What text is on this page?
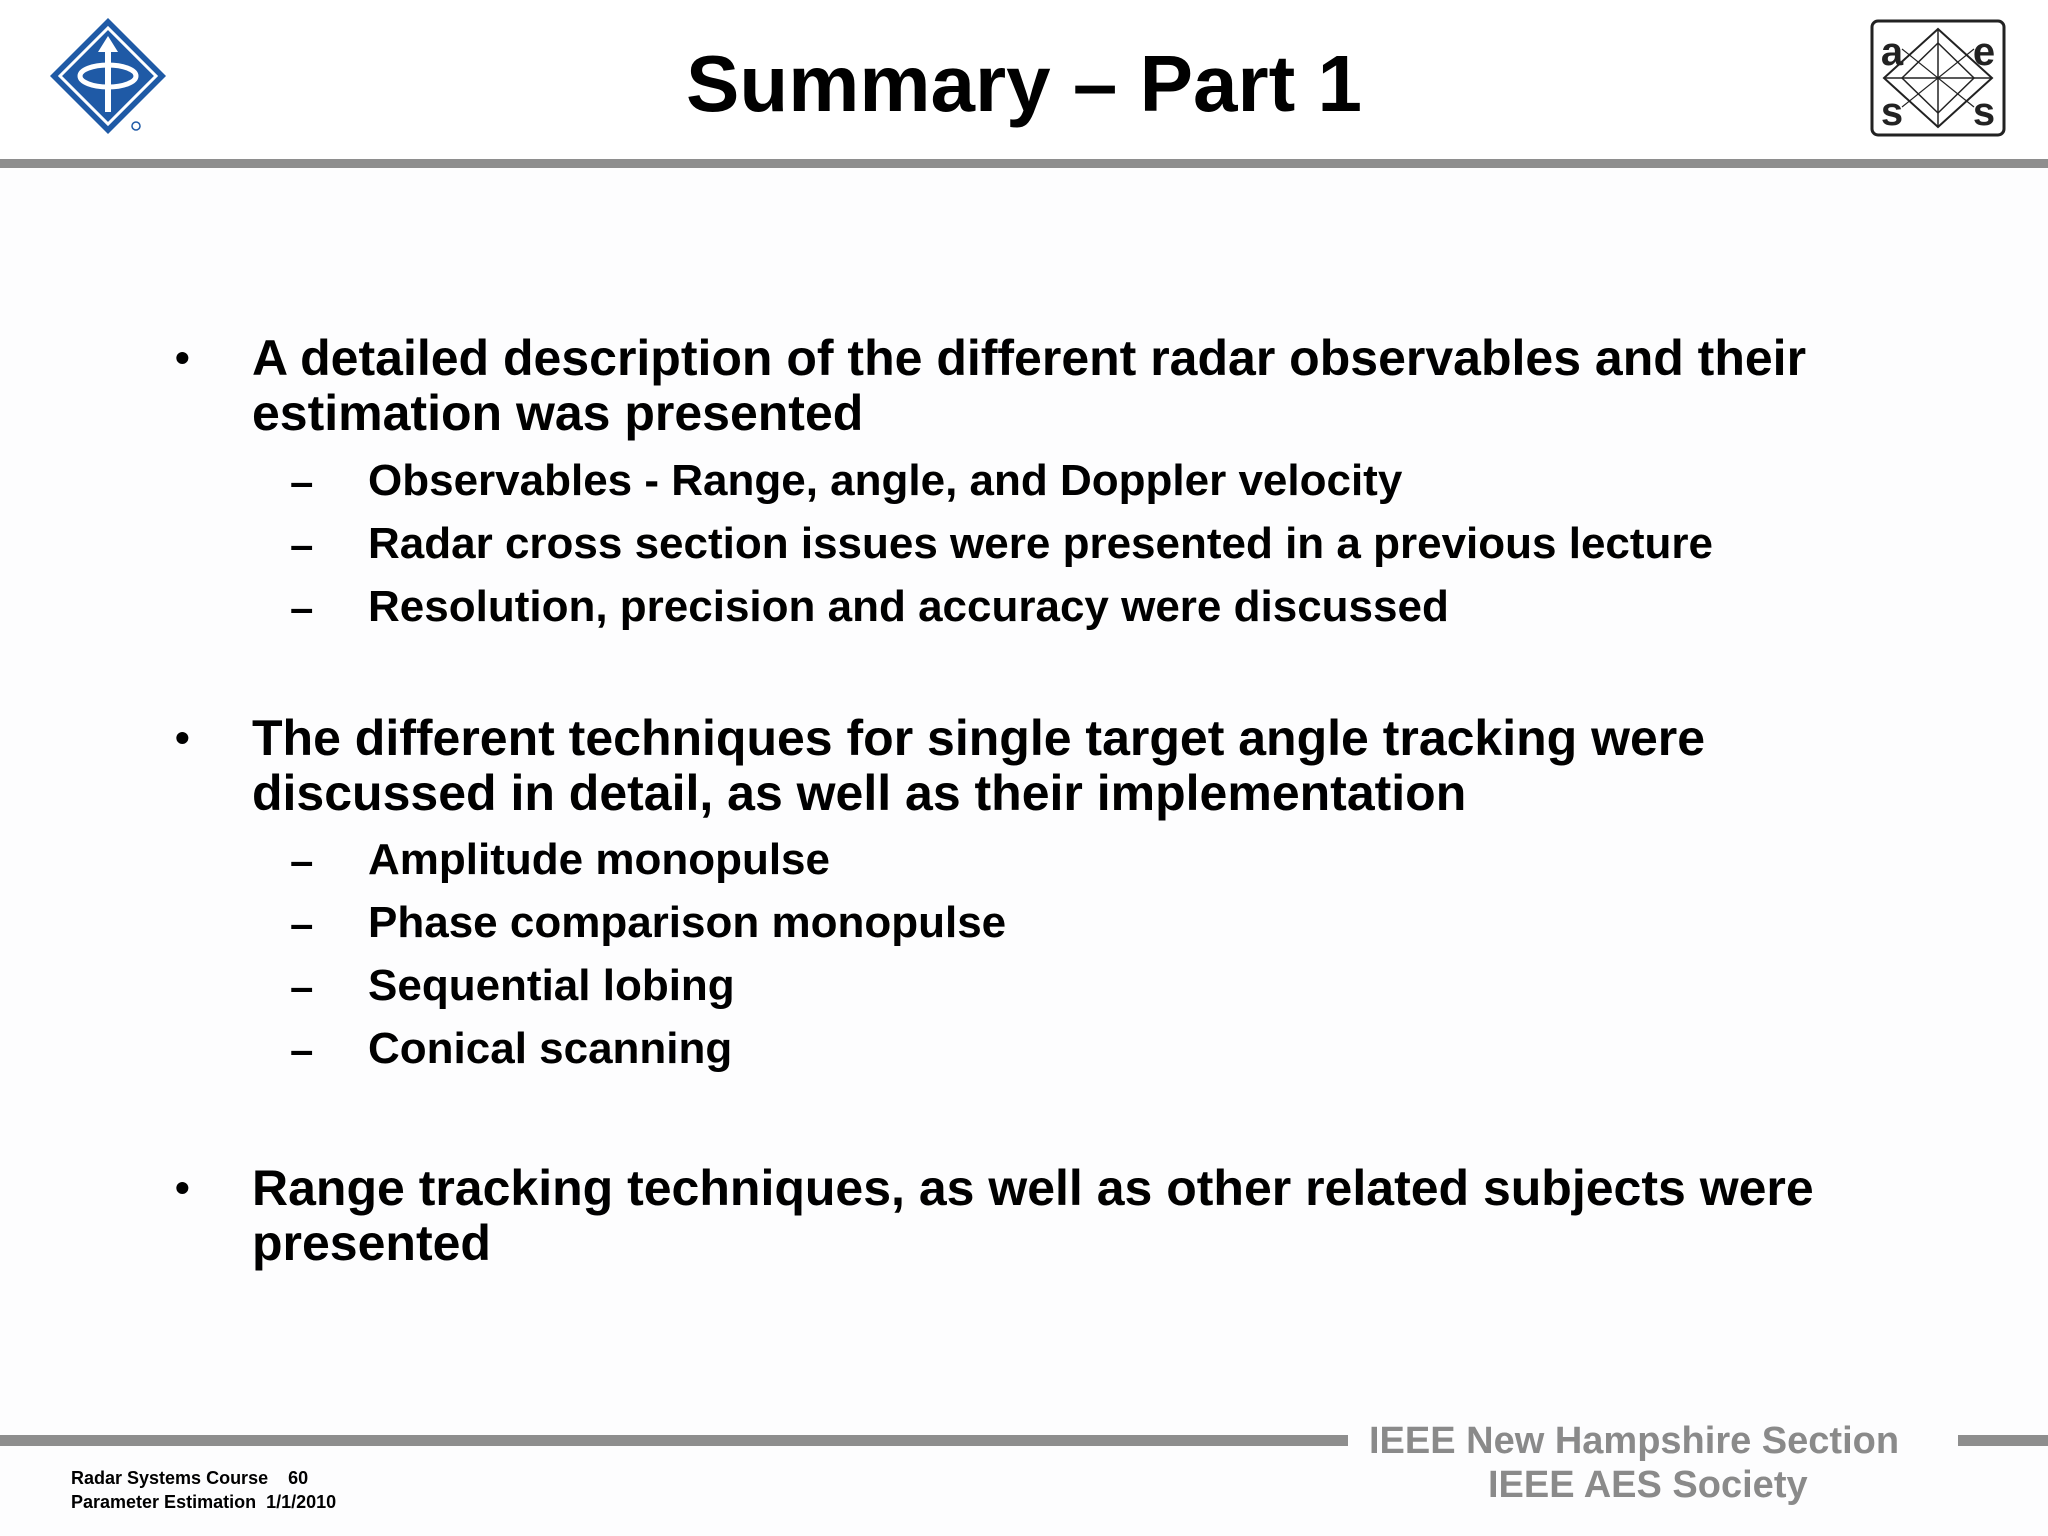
Summary – Part 1	a e
s s
• A detailed description of the different radar observables and their estimation was presented
– Observables - Range, angle, and Doppler velocity
– Radar cross section issues were presented in a previous lecture
– Resolution, precision and accuracy were discussed
• The different techniques for single target angle tracking were discussed in detail, as well as their implementation
– Amplitude monopulse
– Phase comparison monopulse
– Sequential lobing
– Conical scanning
• Range tracking techniques, as well as other related subjects were presented
IEEE New Hampshire Section
IEEE AES Society
Radar Systems Course    60
Parameter Estimation  1/1/2010
